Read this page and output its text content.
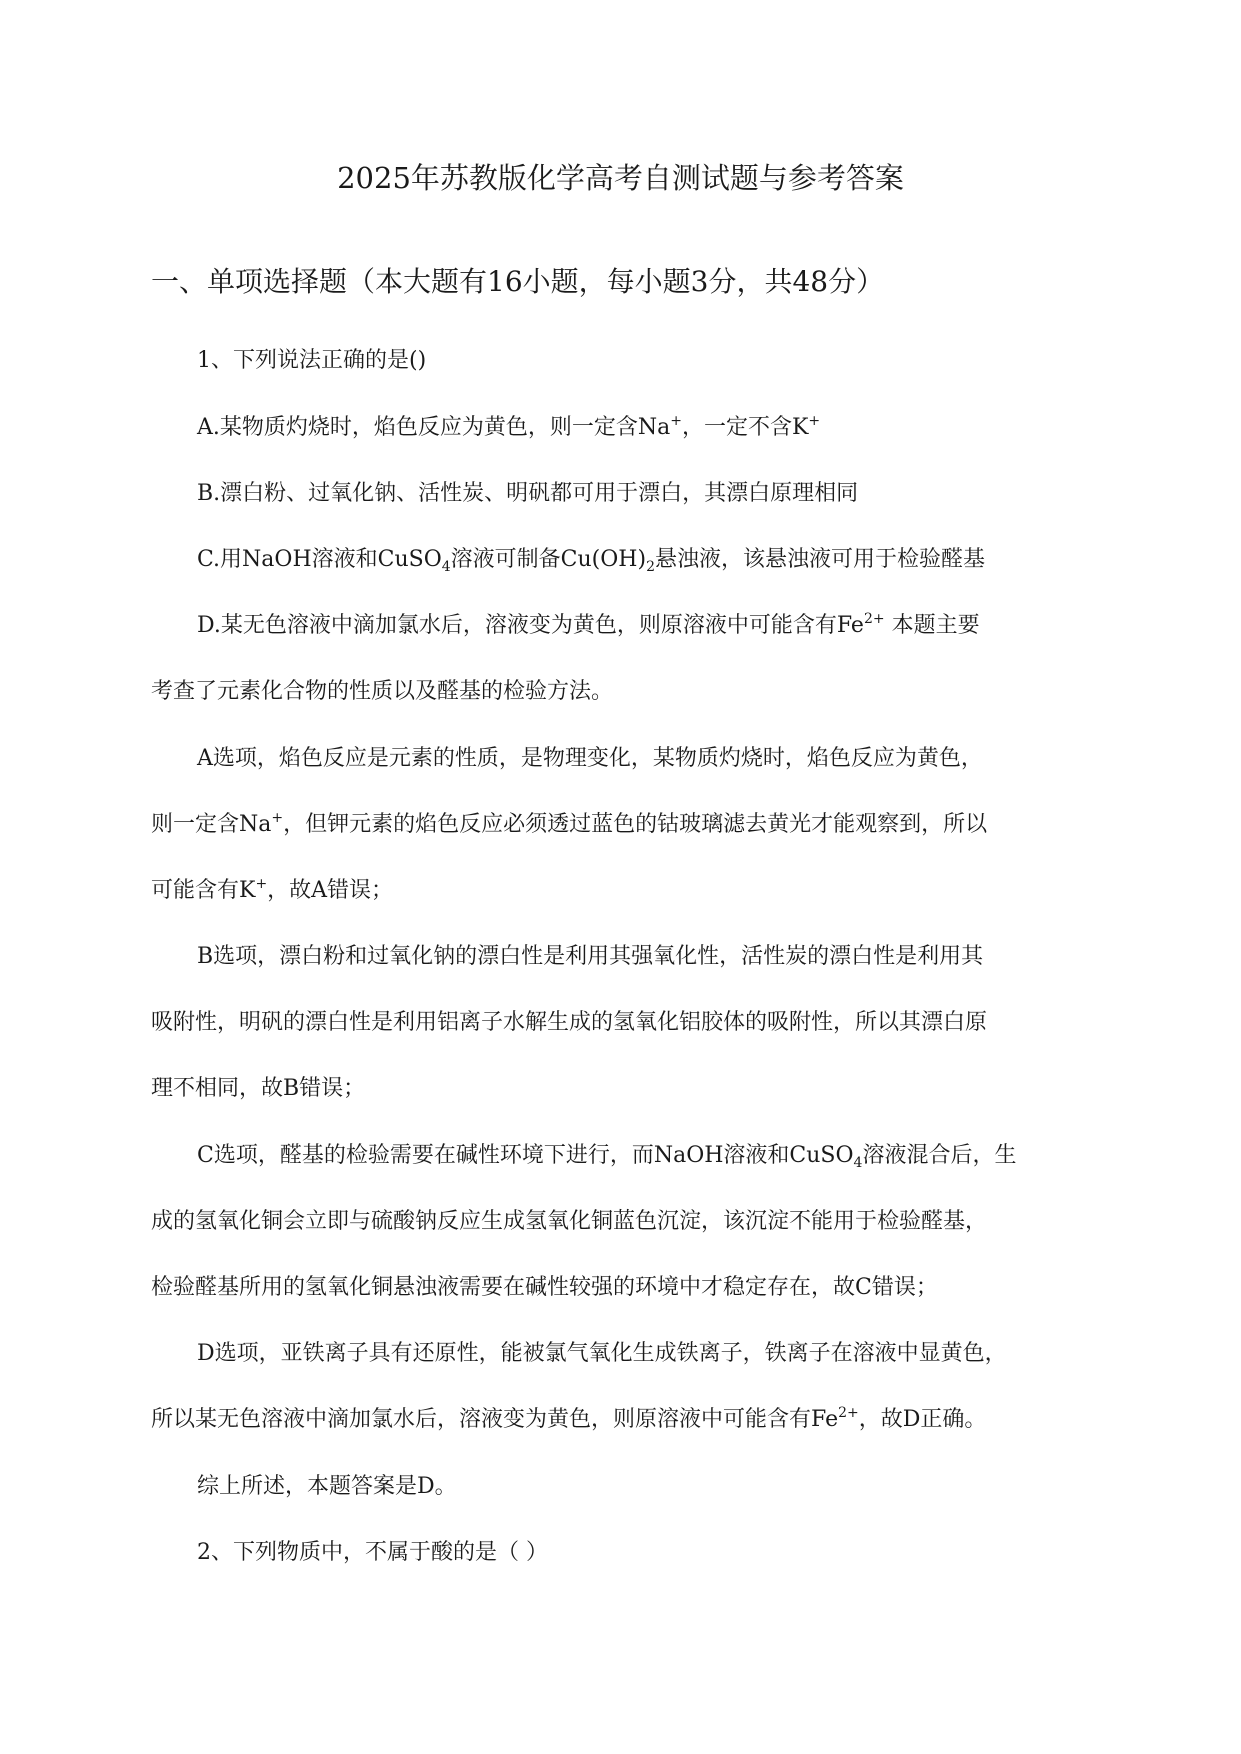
2025年苏教版化学高考自测试题与参考答案
一、单项选择题（本大题有16小题，每小题3分，共48分）

1、下列说法正确的是()

A.某物质灼烧时，焰色反应为黄色，则一定含Na+，一定不含K+

B.漂白粉、过氧化钠、活性炭、明矾都可用于漂白，其漂白原理相同

C.用NaOH溶液和CuSO$_4$溶液可制备$Cu(OH)_2$悬浊液，该悬浊液可用于检验醛基

D.某无色溶液中滴加氯水后，溶液变为黄色，则原溶液中可能含有$Fe^{2+}$ 本题主要

考查了元素化合物的性质以及醛基的检验方法。

A选项，焰色反应是元素的性质，是物理变化，某物质灼烧时，焰色反应为黄色，

则一定含Na+，但钾元素的焰色反应必须透过蓝色的钴玻璃滤去黄光才能观察到，所以

可能含有K+，故A错误；

B选项，漂白粉和过氧化钠的漂白性是利用其强氧化性，活性炭的漂白性是利用其

吸附性，明矾的漂白性是利用铝离子水解生成的氢氧化铝胶体的吸附性，所以其漂白原

理不相同，故B错误；

C选项，醛基的检验需要在碱性环境下进行，而NaOH溶液和CuSO$_4$溶液混合后，生

成的氢氧化铜会立即与硫酸钠反应生成氢氧化铜蓝色沉淀，该沉淀不能用于检验醛基，

检验醛基所用的氢氧化铜悬浊液需要在碱性较强的环境中才稳定存在，故C错误；

D选项，亚铁离子具有还原性，能被氯气氧化生成铁离子，铁离子在溶液中显黄色，

所以某无色溶液中滴加氯水后，溶液变为黄色，则原溶液中可能含有$Fe^{2+}$，故D正确。

综上所述，本题答案是D。

2、下列物质中，不属于酸的是（ ）
